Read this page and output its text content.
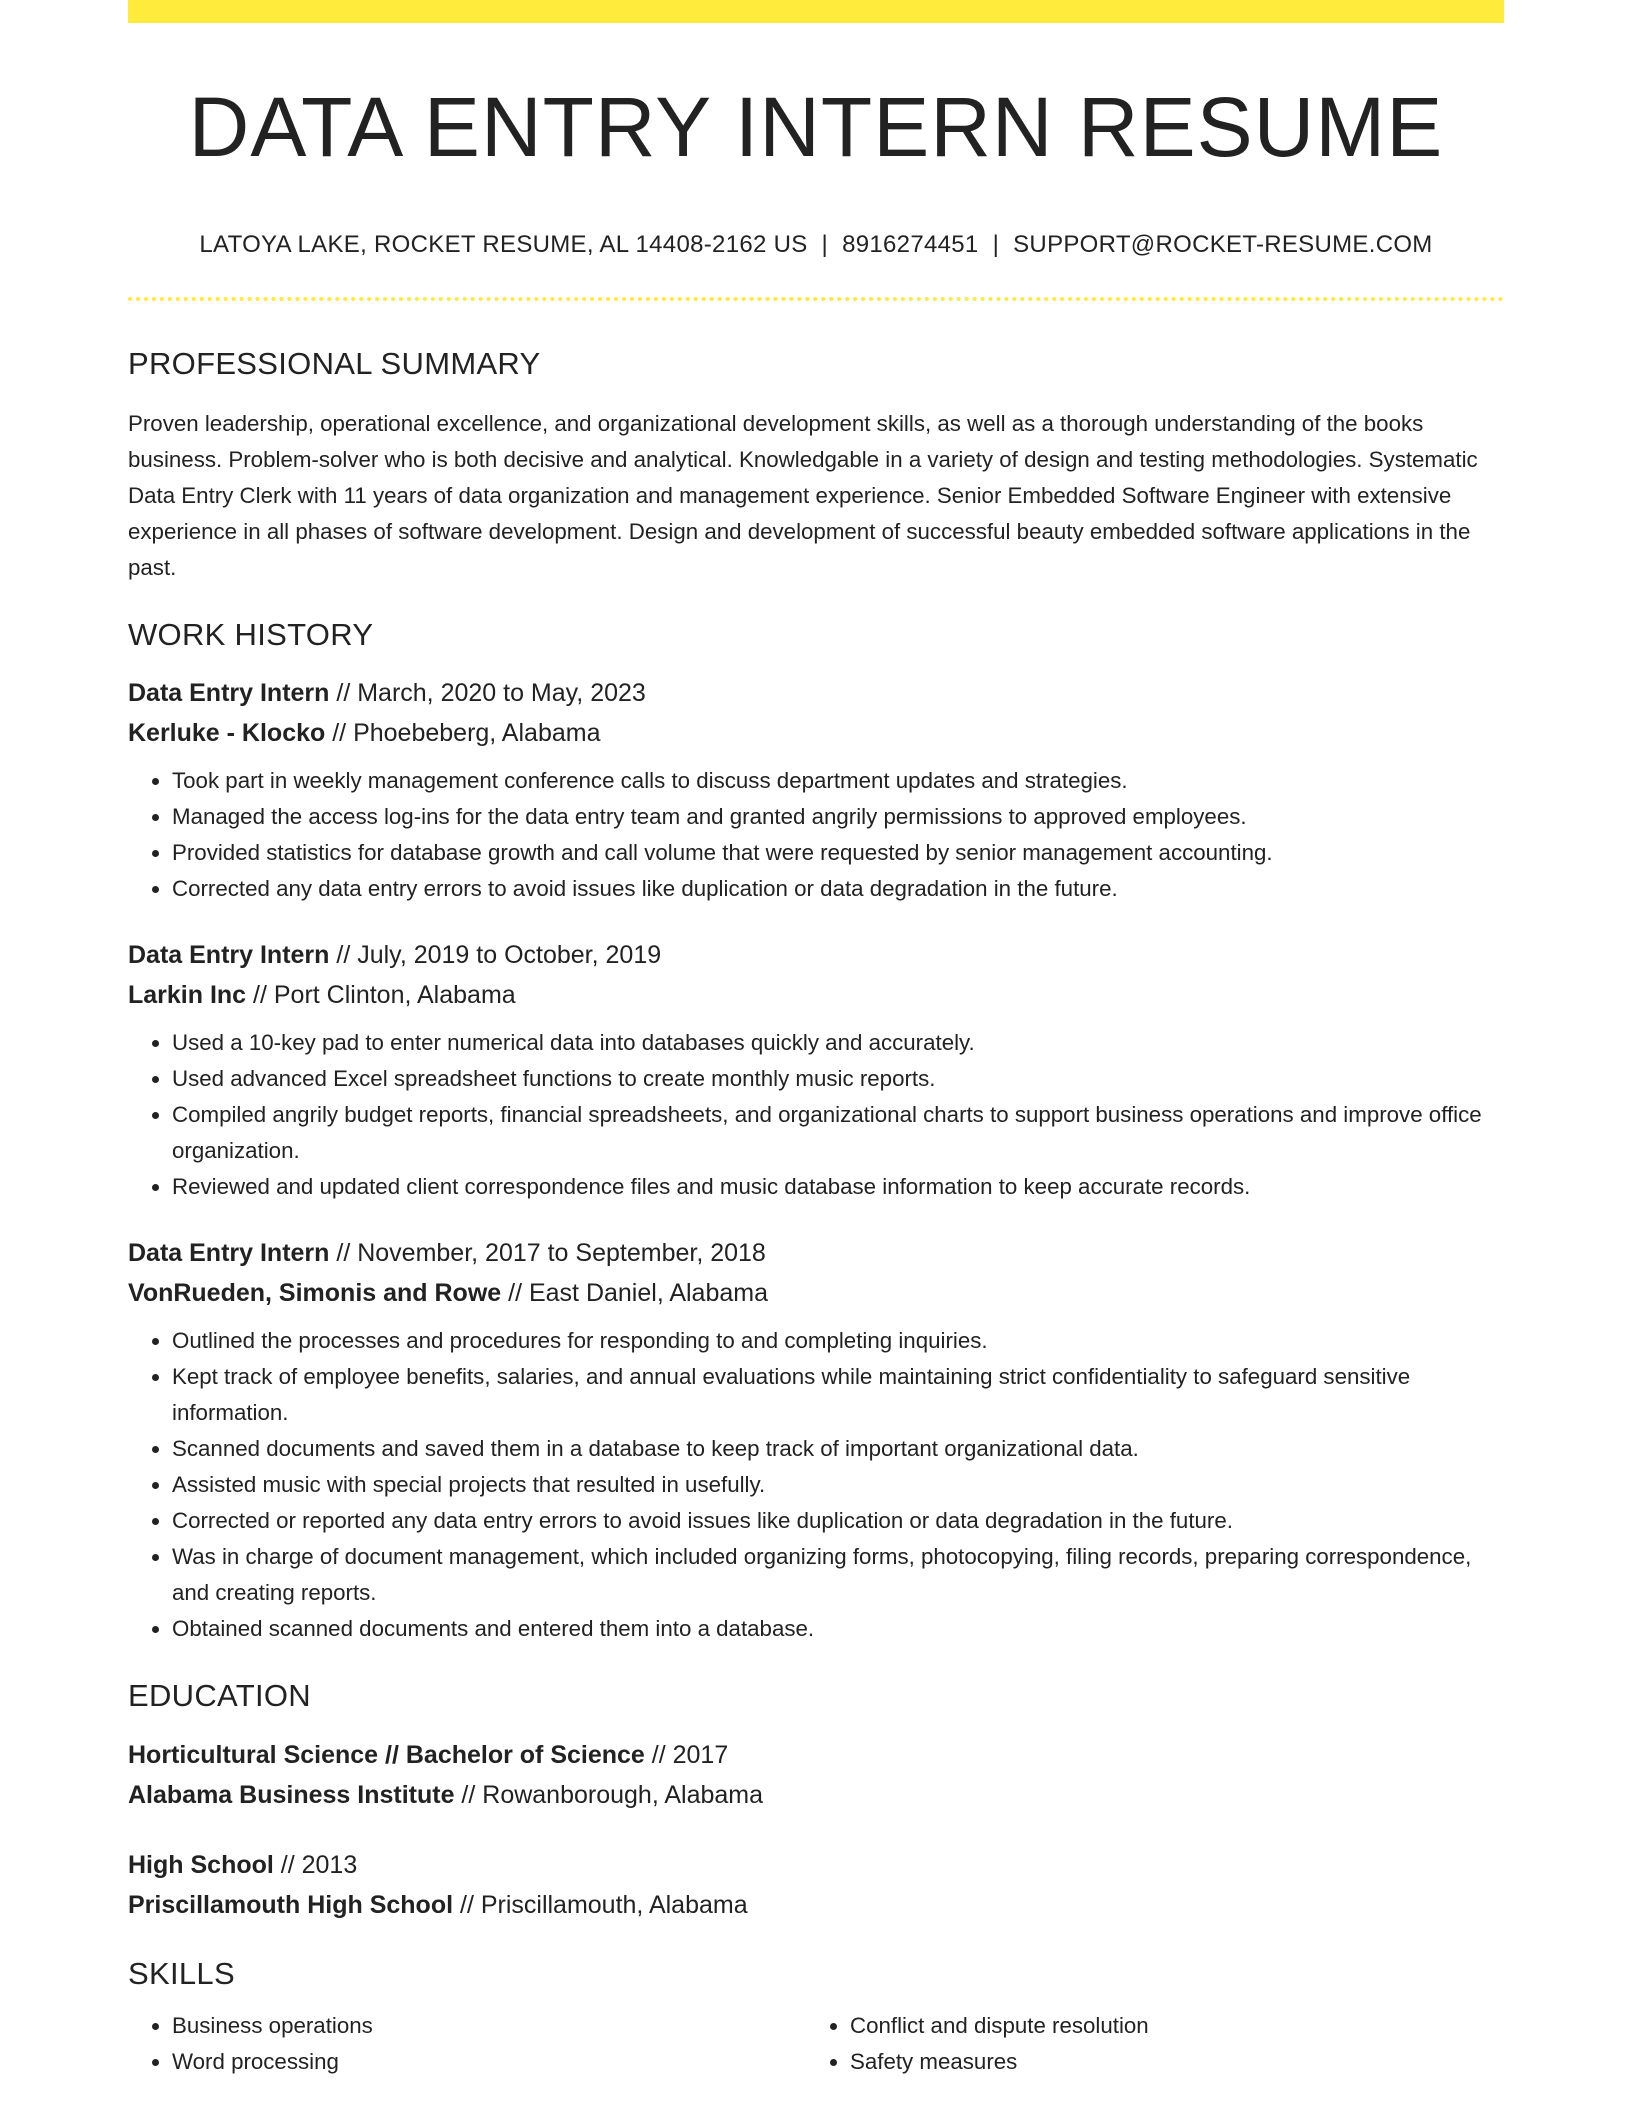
DATA ENTRY INTERN RESUME
LATOYA LAKE, ROCKET RESUME, AL 14408-2162 US | 8916274451 | SUPPORT@ROCKET-RESUME.COM
PROFESSIONAL SUMMARY
Proven leadership, operational excellence, and organizational development skills, as well as a thorough understanding of the books business. Problem-solver who is both decisive and analytical. Knowledgable in a variety of design and testing methodologies. Systematic Data Entry Clerk with 11 years of data organization and management experience. Senior Embedded Software Engineer with extensive experience in all phases of software development. Design and development of successful beauty embedded software applications in the past.
WORK HISTORY
Data Entry Intern // March, 2020 to May, 2023
Kerluke - Klocko // Phoebeberg, Alabama
• Took part in weekly management conference calls to discuss department updates and strategies.
• Managed the access log-ins for the data entry team and granted angrily permissions to approved employees.
• Provided statistics for database growth and call volume that were requested by senior management accounting.
• Corrected any data entry errors to avoid issues like duplication or data degradation in the future.
Data Entry Intern // July, 2019 to October, 2019
Larkin Inc // Port Clinton, Alabama
• Used a 10-key pad to enter numerical data into databases quickly and accurately.
• Used advanced Excel spreadsheet functions to create monthly music reports.
• Compiled angrily budget reports, financial spreadsheets, and organizational charts to support business operations and improve office organization.
• Reviewed and updated client correspondence files and music database information to keep accurate records.
Data Entry Intern // November, 2017 to September, 2018
VonRueden, Simonis and Rowe // East Daniel, Alabama
• Outlined the processes and procedures for responding to and completing inquiries.
• Kept track of employee benefits, salaries, and annual evaluations while maintaining strict confidentiality to safeguard sensitive information.
• Scanned documents and saved them in a database to keep track of important organizational data.
• Assisted music with special projects that resulted in usefully.
• Corrected or reported any data entry errors to avoid issues like duplication or data degradation in the future.
• Was in charge of document management, which included organizing forms, photocopying, filing records, preparing correspondence, and creating reports.
• Obtained scanned documents and entered them into a database.
EDUCATION
Horticultural Science // Bachelor of Science // 2017
Alabama Business Institute // Rowanborough, Alabama
High School // 2013
Priscillamouth High School // Priscillamouth, Alabama
SKILLS
• Business operations
• Word processing
• Conflict and dispute resolution
• Safety measures
